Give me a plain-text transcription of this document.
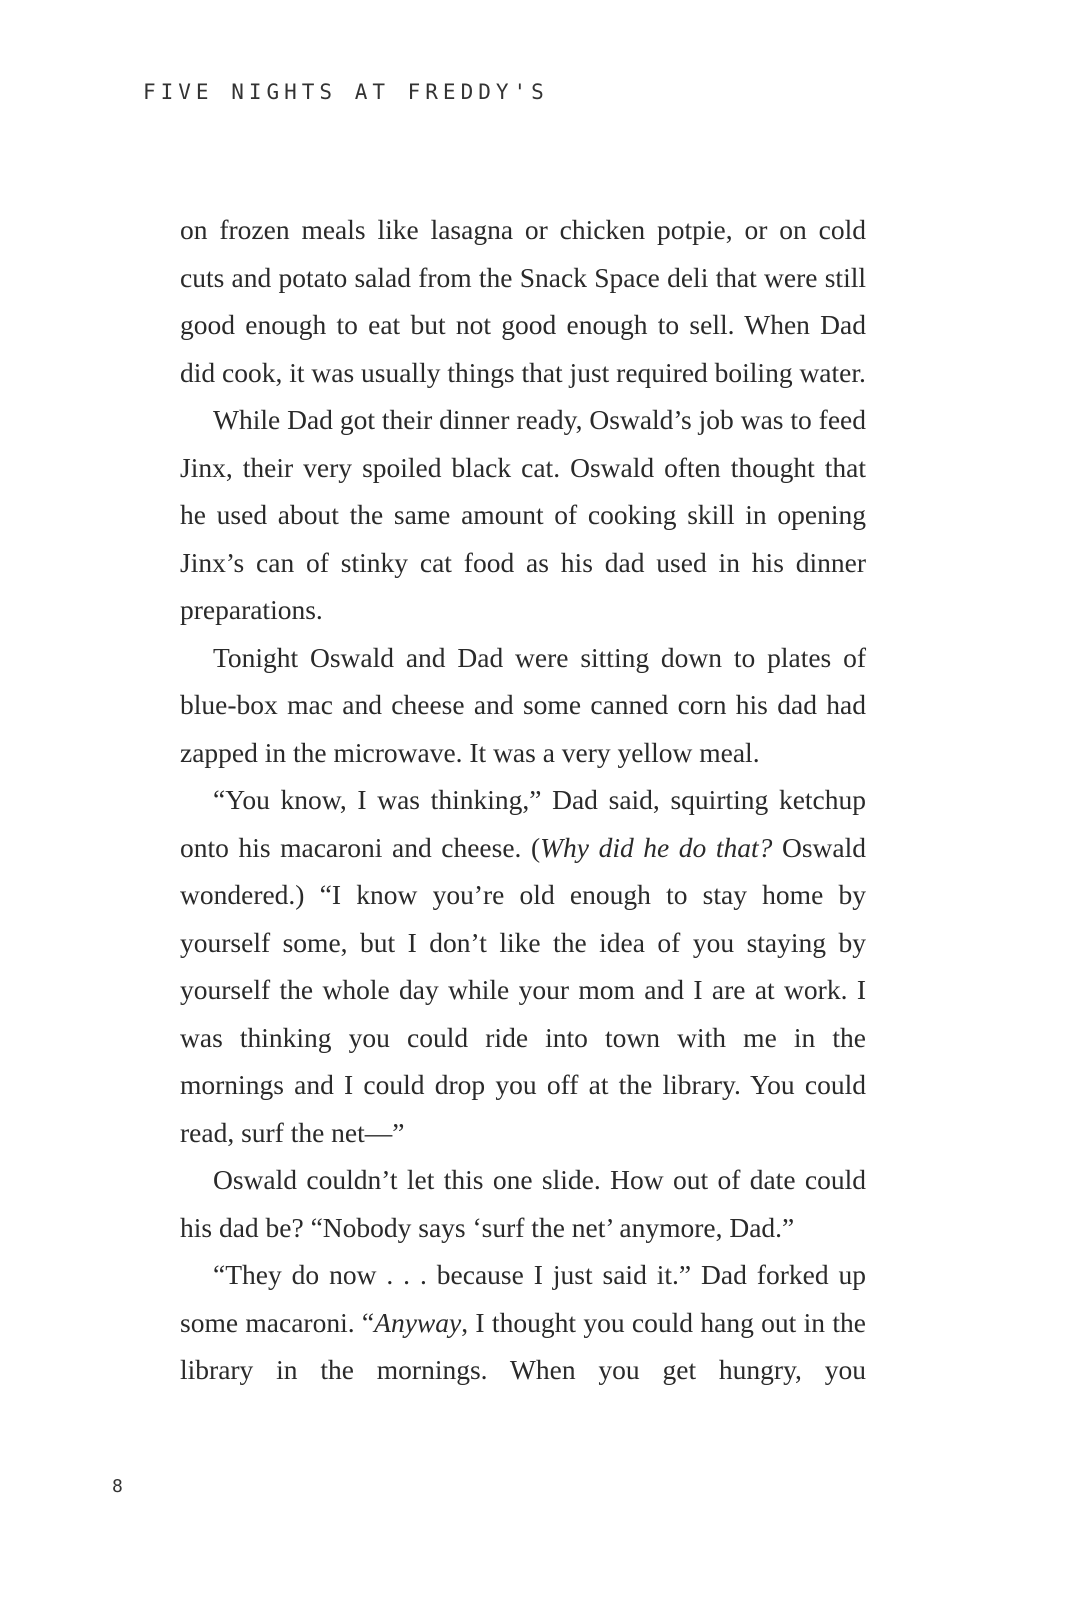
FIVE NIGHTS AT FREDDY'S

on frozen meals like lasagna or chicken potpie, or on cold cuts and potato salad from the Snack Space deli that were still good enough to eat but not good enough to sell. When Dad did cook, it was usually things that just required boiling water.

While Dad got their dinner ready, Oswald’s job was to feed Jinx, their very spoiled black cat. Oswald often thought that he used about the same amount of cooking skill in opening Jinx’s can of stinky cat food as his dad used in his dinner preparations.

Tonight Oswald and Dad were sitting down to plates of blue-box mac and cheese and some canned corn his dad had zapped in the microwave. It was a very yellow meal.

“You know, I was thinking,” Dad said, squirting ketchup onto his macaroni and cheese. (Why did he do that? Oswald wondered.) “I know you’re old enough to stay home by yourself some, but I don’t like the idea of you staying by yourself the whole day while your mom and I are at work. I was thinking you could ride into town with me in the mornings and I could drop you off at the library. You could read, surf the net—”

Oswald couldn’t let this one slide. How out of date could his dad be? “Nobody says ‘surf the net’ anymore, Dad.”

“They do now . . . because I just said it.” Dad forked up some macaroni. “Anyway, I thought you could hang out in the library in the mornings. When you get hungry, you

8
